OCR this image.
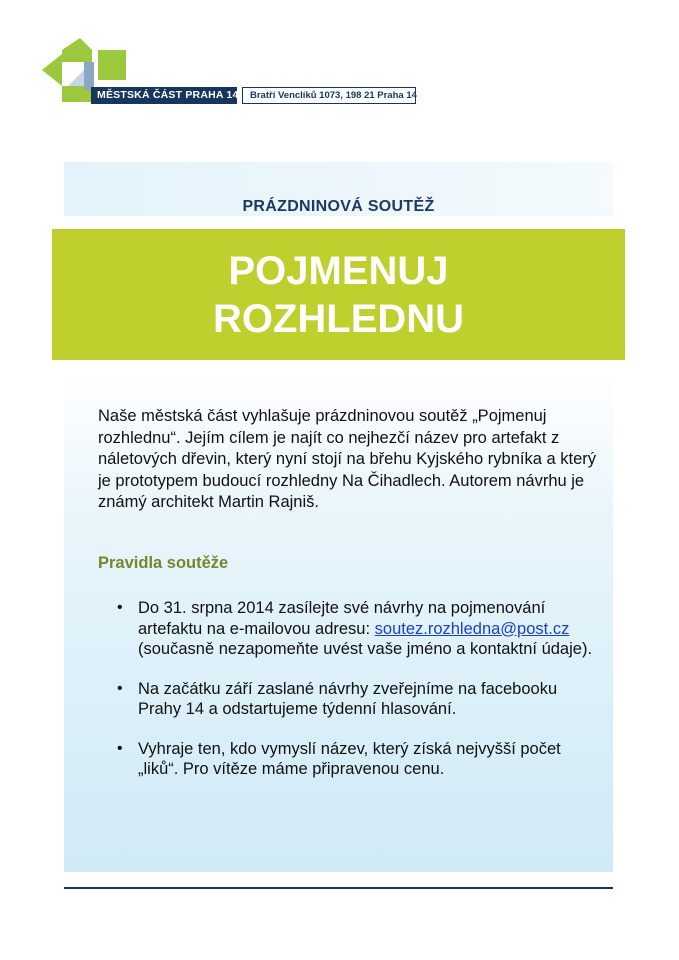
MĚSTSKÁ ČÁST PRAHA 14	Bratří Venclíků 1073, 198 21 Praha 14
PRÁZDNINOVÁ SOUTĚŽ
POJMENUJ
ROZHLEDNU
Naše městská část vyhlašuje prázdninovou soutěž „Pojmenuj rozhlednu“. Jejím cílem je najít co nejhezčí název pro artefakt z náletových dřevin, který nyní stojí na břehu Kyjského rybníka a který je prototypem budoucí rozhledny Na Čihadlech. Autorem návrhu je známý architekt Martin Rajniš.
Pravidla soutěže
• Do 31. srpna 2014 zasílejte své návrhy na pojmenování artefaktu na e-mailovou adresu: soutez.rozhledna@post.cz (současně nezapomeňte uvést vaše jméno a kontaktní údaje).
• Na začátku září zaslané návrhy zveřejníme na facebooku Prahy 14 a odstartujeme týdenní hlasování.
• Vyhraje ten, kdo vymyslí název, který získá nejvyšší počet „liků“. Pro vítěze máme připravenou cenu.
